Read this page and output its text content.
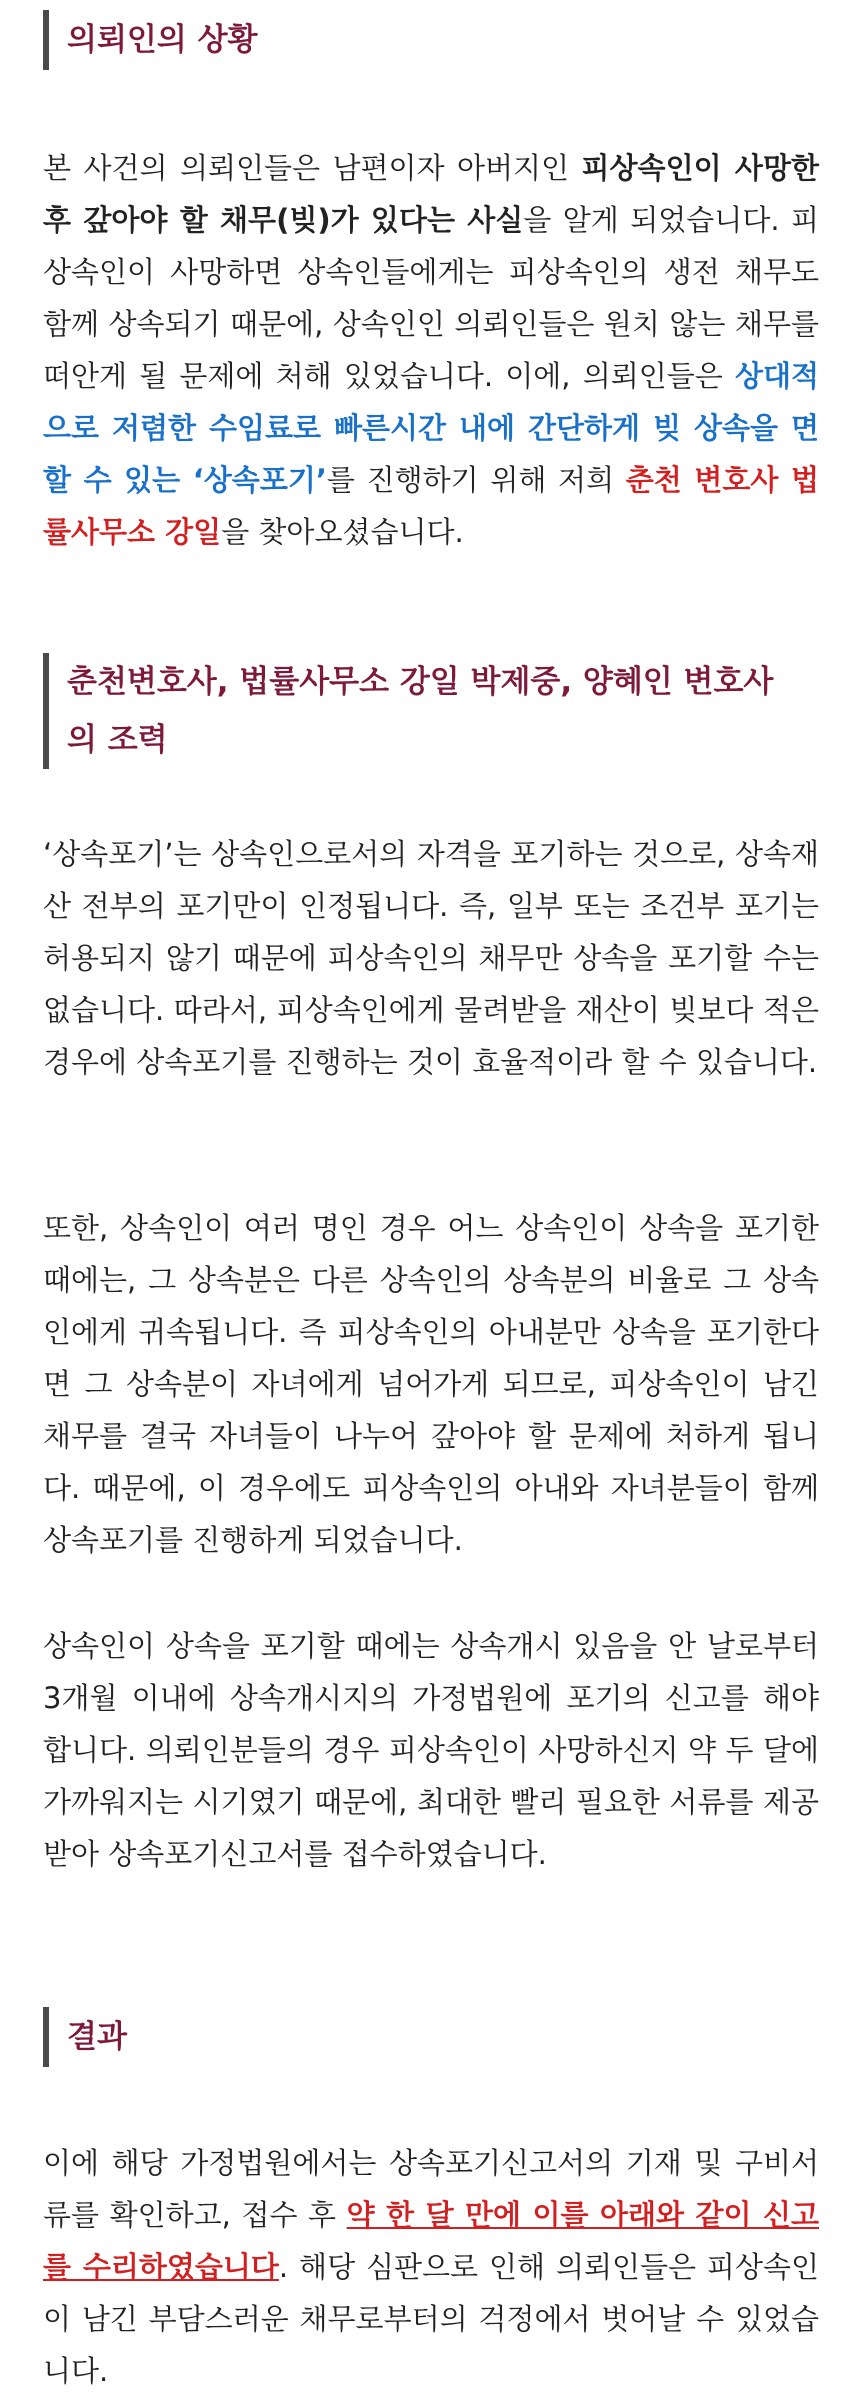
의뢰인의 상황

본 사건의 의뢰인들은 남편이자 아버지인 피상속인이 사망한 후 갚아야 할 채무(빚)가 있다는 사실을 알게 되었습니다. 피상속인이 사망하면 상속인들에게는 피상속인의 생전 채무도 함께 상속되기 때문에, 상속인인 의뢰인들은 원치 않는 채무를 떠안게 될 문제에 처해 있었습니다. 이에, 의뢰인들은 상대적으로 저렴한 수임료로 빠른시간 내에 간단하게 빚 상속을 면할 수 있는 ‘상속포기’를 진행하기 위해 저희 춘천 변호사 법률사무소 강일을 찾아오셨습니다.

춘천변호사, 법률사무소 강일 박제중, 양혜인 변호사의 조력

‘상속포기’는 상속인으로서의 자격을 포기하는 것으로, 상속재산 전부의 포기만이 인정됩니다. 즉, 일부 또는 조건부 포기는 허용되지 않기 때문에 피상속인의 채무만 상속을 포기할 수는 없습니다. 따라서, 피상속인에게 물려받을 재산이 빚보다 적은 경우에 상속포기를 진행하는 것이 효율적이라 할 수 있습니다.

또한, 상속인이 여러 명인 경우 어느 상속인이 상속을 포기한 때에는, 그 상속분은 다른 상속인의 상속분의 비율로 그 상속인에게 귀속됩니다. 즉 피상속인의 아내분만 상속을 포기한다면 그 상속분이 자녀에게 넘어가게 되므로, 피상속인이 남긴 채무를 결국 자녀들이 나누어 갚아야 할 문제에 처하게 됩니다. 때문에, 이 경우에도 피상속인의 아내와 자녀분들이 함께 상속포기를 진행하게 되었습니다.

상속인이 상속을 포기할 때에는 상속개시 있음을 안 날로부터 3개월 이내에 상속개시지의 가정법원에 포기의 신고를 해야 합니다. 의뢰인분들의 경우 피상속인이 사망하신지 약 두 달에 가까워지는 시기였기 때문에, 최대한 빨리 필요한 서류를 제공 받아 상속포기신고서를 접수하였습니다.

결과

이에 해당 가정법원에서는 상속포기신고서의 기재 및 구비서류를 확인하고, 접수 후 약 한 달 만에 이를 아래와 같이 신고를 수리하였습니다. 해당 심판으로 인해 의뢰인들은 피상속인이 남긴 부담스러운 채무로부터의 걱정에서 벗어날 수 있었습니다.
